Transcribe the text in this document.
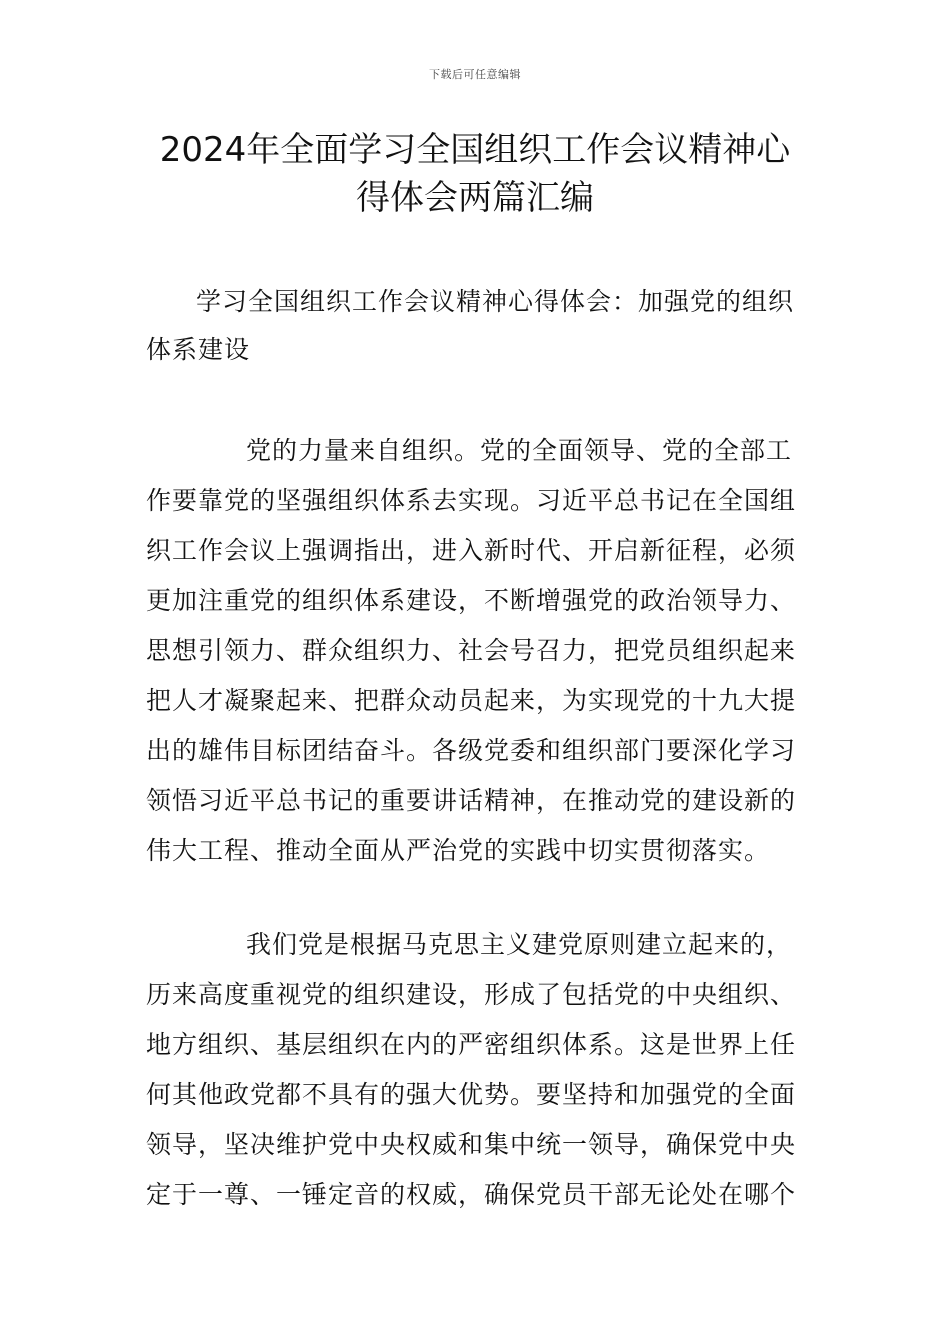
下载后可任意编辑
2024年全面学习全国组织工作会议精神心
得体会两篇汇编
学习全国组织工作会议精神心得体会：加强党的组织
体系建设
党的力量来自组织。党的全面领导、党的全部工
作要靠党的坚强组织体系去实现。习近平总书记在全国组
织工作会议上强调指出，进入新时代、开启新征程，必须
更加注重党的组织体系建设，不断增强党的政治领导力、
思想引领力、群众组织力、社会号召力，把党员组织起来
把人才凝聚起来、把群众动员起来，为实现党的十九大提
出的雄伟目标团结奋斗。各级党委和组织部门要深化学习
领悟习近平总书记的重要讲话精神，在推动党的建设新的
伟大工程、推动全面从严治党的实践中切实贯彻落实。
我们党是根据马克思主义建党原则建立起来的，
历来高度重视党的组织建设，形成了包括党的中央组织、
地方组织、基层组织在内的严密组织体系。这是世界上任
何其他政党都不具有的强大优势。要坚持和加强党的全面
领导，坚决维护党中央权威和集中统一领导，确保党中央
定于一尊、一锤定音的权威，确保党员干部无论处在哪个
